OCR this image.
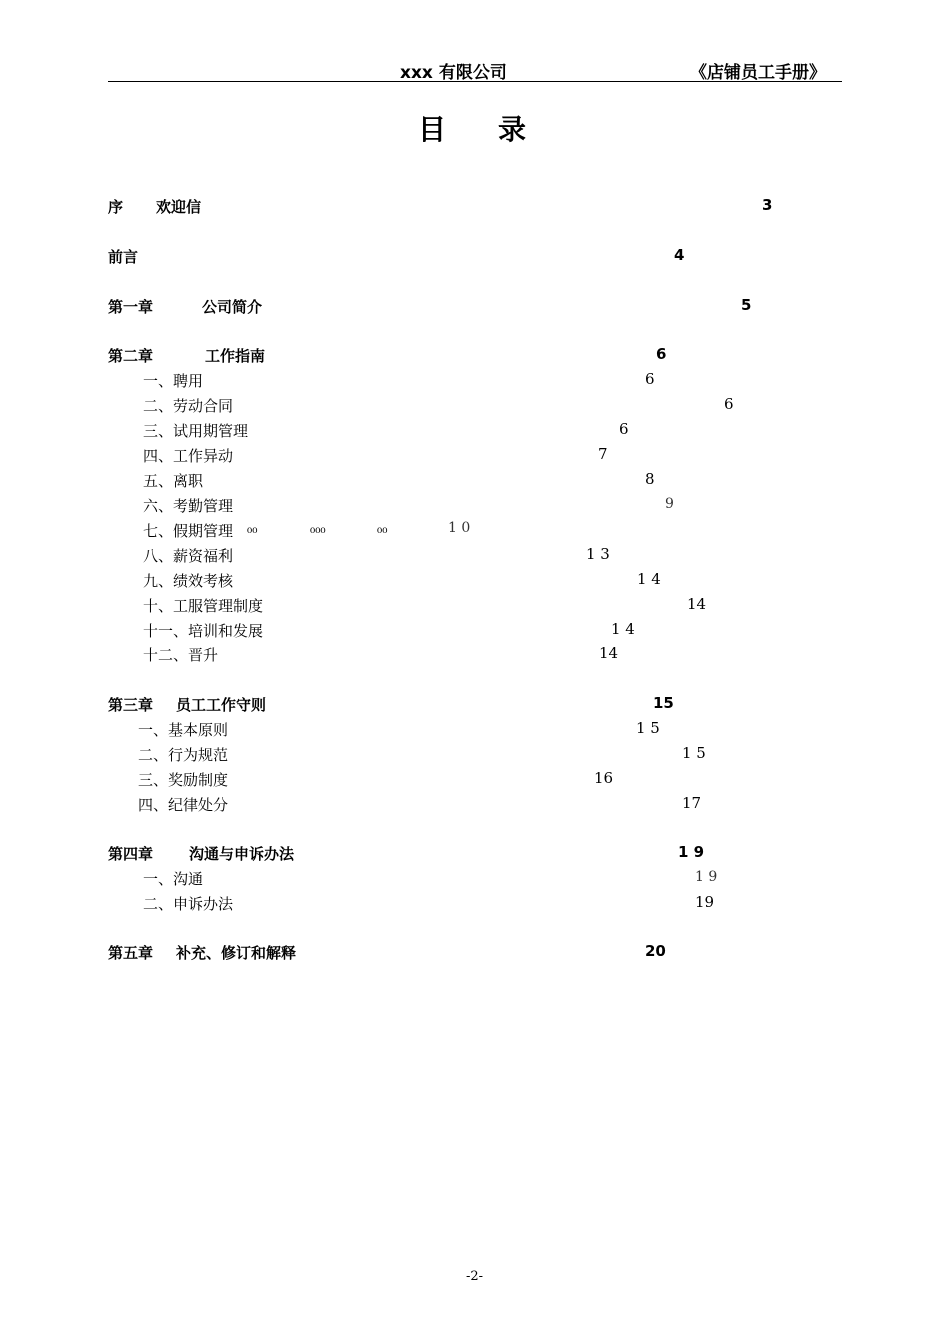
xxx 有限公司	《店铺员工手册》
目录
序 欢迎信	3
前言	4
第一章	公司简介	5
第二章	工作指南	6
一、聘用	6
二、劳动合同	6
三、试用期管理	6
四、工作异动	7
五、离职	8
六、考勤管理	9
七、假期管理 ₀₀	₀₀₀	₀₀	1 0
八、薪资福利	1 3
九、绩效考核	1 4
十、工服管理制度	14
十一、培训和发展	1 4
十二、晋升	14
第三章 员工工作守则	15
一、基本原则	1 5
二、行为规范	1 5
三、奖励制度	16
四、纪律处分	17
第四章 沟通与申诉办法	1 9
一、沟通	1 9
二、申诉办法	19
第五章 补充、修订和解释	20
-2-
